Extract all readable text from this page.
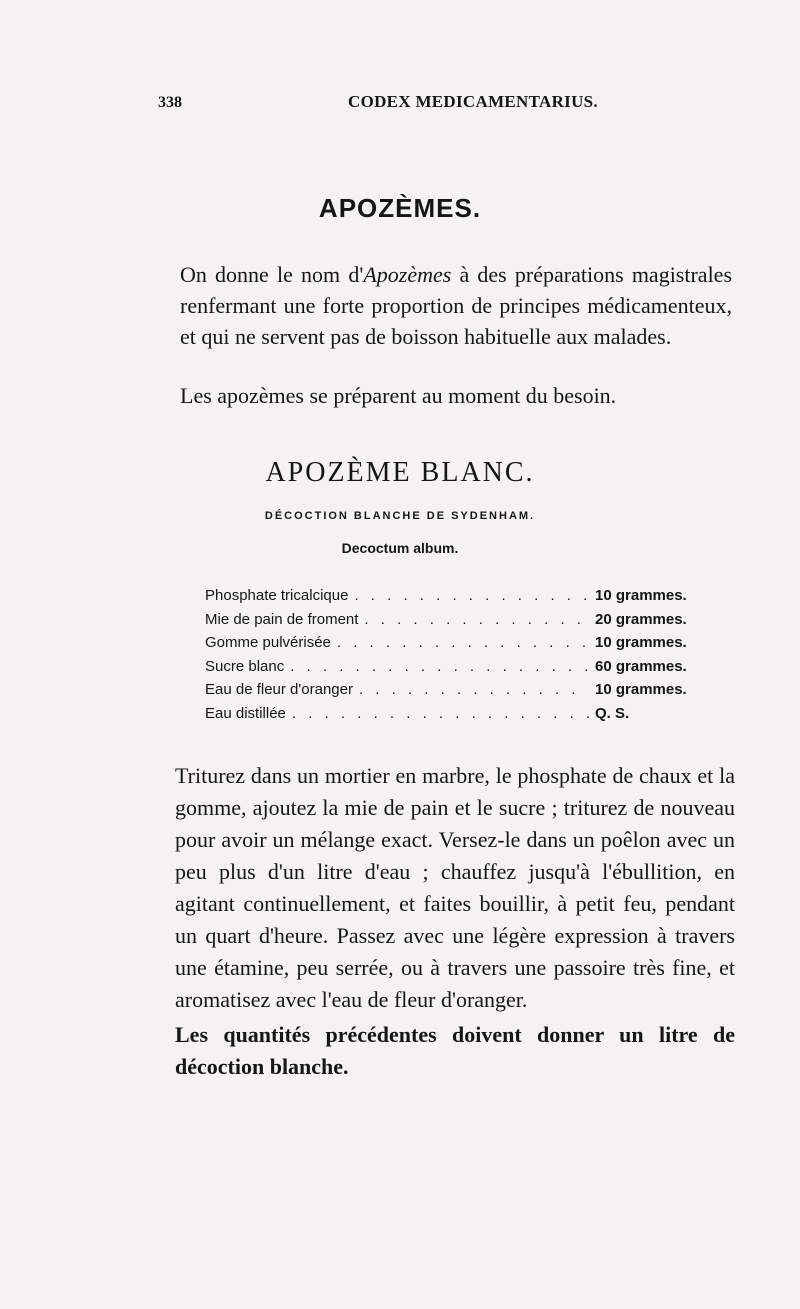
338	CODEX MEDICAMENTARIUS.
APOZÈMES.

On donne le nom d'Apozèmes à des préparations magistrales renfermant une forte proportion de principes médicamenteux, et qui ne servent pas de boisson habituelle aux malades.

Les apozèmes se préparent au moment du besoin.

APOZÈME BLANC.
DÉCOCTION BLANCHE DE SYDENHAM.
Decoctum album.
Phosphate tricalcique . . .	10 grammes.
Mie de pain de froment . . .	20 grammes.
Gomme pulvérisée . . .	10 grammes.
Sucre blanc . . .	60 grammes.
Eau de fleur d'oranger . . .	10 grammes.
Eau distillée . . .	Q. S.

Triturez dans un mortier en marbre, le phosphate de chaux et la gomme, ajoutez la mie de pain et le sucre ; triturez de nouveau pour avoir un mélange exact. Versez-le dans un poêlon avec un peu plus d'un litre d'eau ; chauffez jusqu'à l'ébullition, en agitant continuellement, et faites bouillir, à petit feu, pendant un quart d'heure. Passez avec une légère expression à travers une étamine, peu serrée, ou à travers une passoire très fine, et aromatisez avec l'eau de fleur d'oranger.

Les quantités précédentes doivent donner un litre de décoction blanche.
